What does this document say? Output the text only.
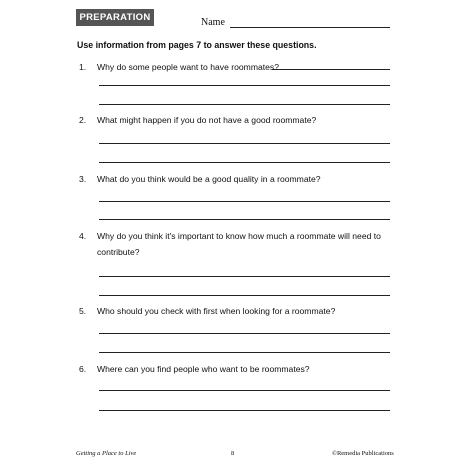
PREPARATION	Name
Use information from pages 7 to answer these questions.
1. Why do some people want to have roommates?
2. What might happen if you do not have a good roommate?
3. What do you think would be a good quality in a roommate?
4. Why do you think it's important to know how much a roommate will need to
contribute?
5. Who should you check with first when looking for a roommate?
6. Where can you find people who want to be roommates?
Getting a Place to Live	8	©Remedia Publications
